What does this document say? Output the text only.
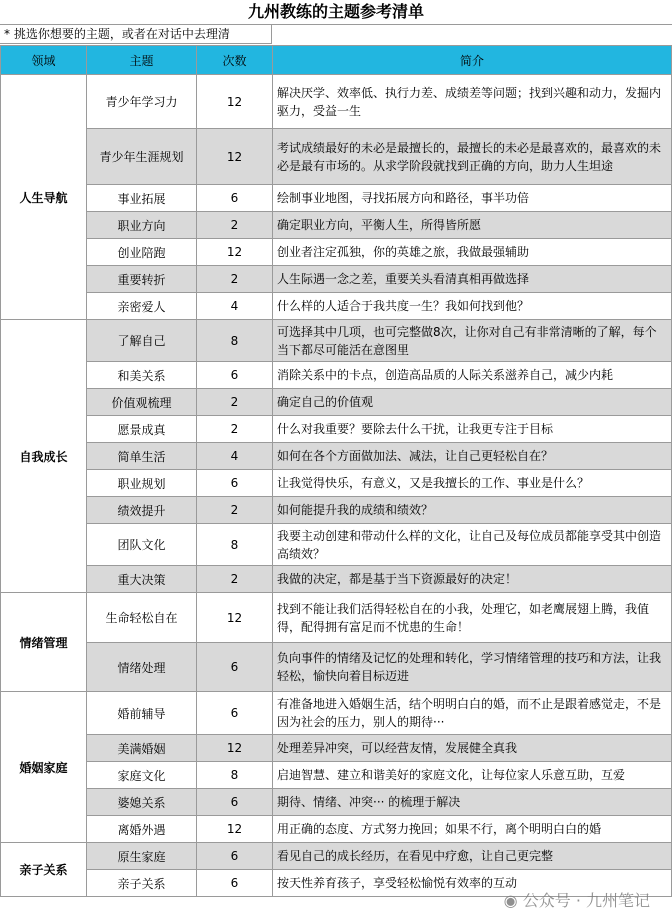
九州教练的主题参考清单
* 挑选你想要的主题，或者在对话中去理清
领域	主题	次数	简介
人生导航	青少年学习力	12	解决厌学、效率低、执行力差、成绩差等问题；找到兴趣和动力，发掘内驱力，受益一生
	青少年生涯规划	12	考试成绩最好的未必是最擅长的，最擅长的未必是最喜欢的，最喜欢的未必是最有市场的。从求学阶段就找到正确的方向，助力人生坦途
	事业拓展	6	绘制事业地图，寻找拓展方向和路径，事半功倍
	职业方向	2	确定职业方向，平衡人生，所得皆所愿
	创业陪跑	12	创业者注定孤独，你的英雄之旅，我做最强辅助
	重要转折	2	人生际遇一念之差，重要关头看清真相再做选择
	亲密爱人	4	什么样的人适合于我共度一生？我如何找到他？
自我成长	了解自己	8	可选择其中几项，也可完整做8次，让你对自己有非常清晰的了解，每个当下都尽可能活在意图里
	和美关系	6	消除关系中的卡点，创造高品质的人际关系滋养自己，减少内耗
	价值观梳理	2	确定自己的价值观
	愿景成真	2	什么对我重要？要除去什么干扰，让我更专注于目标
	简单生活	4	如何在各个方面做加法、减法，让自己更轻松自在？
	职业规划	6	让我觉得快乐，有意义，又是我擅长的工作、事业是什么？
	绩效提升	2	如何能提升我的成绩和绩效？
	团队文化	8	我要主动创建和带动什么样的文化，让自己及每位成员都能享受其中创造高绩效？
	重大决策	2	我做的决定，都是基于当下资源最好的决定！
情绪管理	生命轻松自在	12	找到不能让我们活得轻松自在的小我，处理它，如老鹰展翅上腾，我值得，配得拥有富足而不忧患的生命！
	情绪处理	6	负向事件的情绪及记忆的处理和转化，学习情绪管理的技巧和方法，让我轻松，愉快向着目标迈进
婚姻家庭	婚前辅导	6	有准备地进入婚姻生活，结个明明白白的婚，而不止是跟着感觉走，不是因为社会的压力，别人的期待···
	美满婚姻	12	处理差异冲突，可以经营友情，发展健全真我
	家庭文化	8	启迪智慧、建立和谐美好的家庭文化，让每位家人乐意互助，互爱
	婆媳关系	6	期待、情绪、冲突··· 的梳理于解决
	离婚外遇	12	用正确的态度、方式努力挽回；如果不行，离个明明白白的婚
亲子关系	原生家庭	6	看见自己的成长经历，在看见中疗愈，让自己更完整
	亲子关系	6	按天性养育孩子，享受轻松愉悦有效率的互动
◉ 公众号 · 九州笔记
